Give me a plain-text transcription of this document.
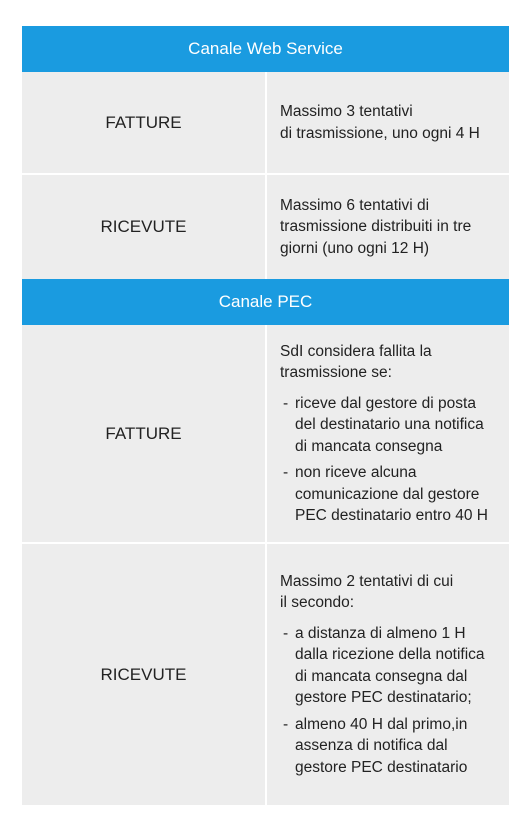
Canale Web Service
FATTURE

Massimo 3 tentativi
di trasmissione, uno ogni 4 H

RICEVUTE

Massimo 6 tentativi di
trasmissione distribuiti in tre
giorni (uno ogni 12 H)

Canale PEC
FATTURE

SdI considera fallita la
trasmissione se:

- riceve dal gestore di posta
del destinatario una notifica
di mancata consegna
- non riceve alcuna
comunicazione dal gestore
PEC destinatario entro 40 H
RICEVUTE

Massimo 2 tentativi di cui
il secondo:

- a distanza di almeno 1 H
dalla ricezione della notifica
di mancata consegna dal
gestore PEC destinatario;
- almeno 40 H dal primo,in
assenza di notifica dal
gestore PEC destinatario
